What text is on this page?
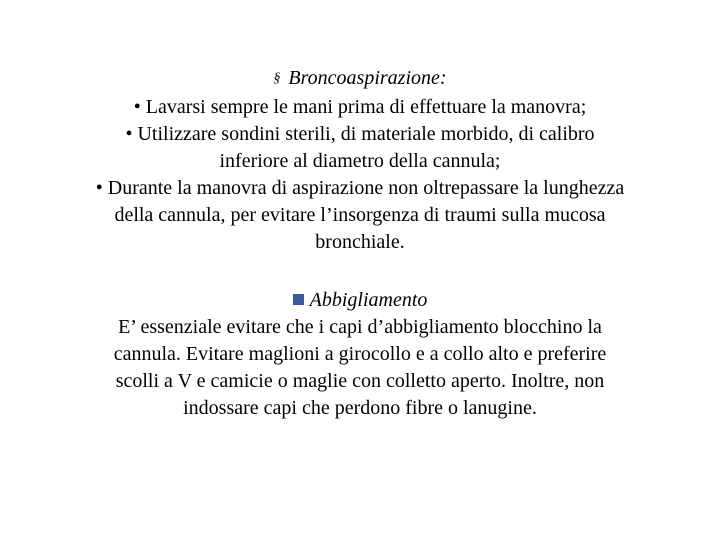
§ Broncoaspirazione:
• Lavarsi sempre le mani prima di effettuare la manovra;
• Utilizzare sondini sterili, di materiale morbido, di calibro
inferiore al diametro della cannula;
• Durante la manovra di aspirazione non oltrepassare la lunghezza
della cannula, per evitare l’insorgenza di traumi sulla mucosa
bronchiale.
Abbigliamento
E’ essenziale evitare che i capi d’abbigliamento blocchino la
cannula. Evitare maglioni a girocollo e a collo alto e preferire
scolli a V e camicie o maglie con colletto aperto. Inoltre, non
indossare capi che perdono fibre o lanugine.
